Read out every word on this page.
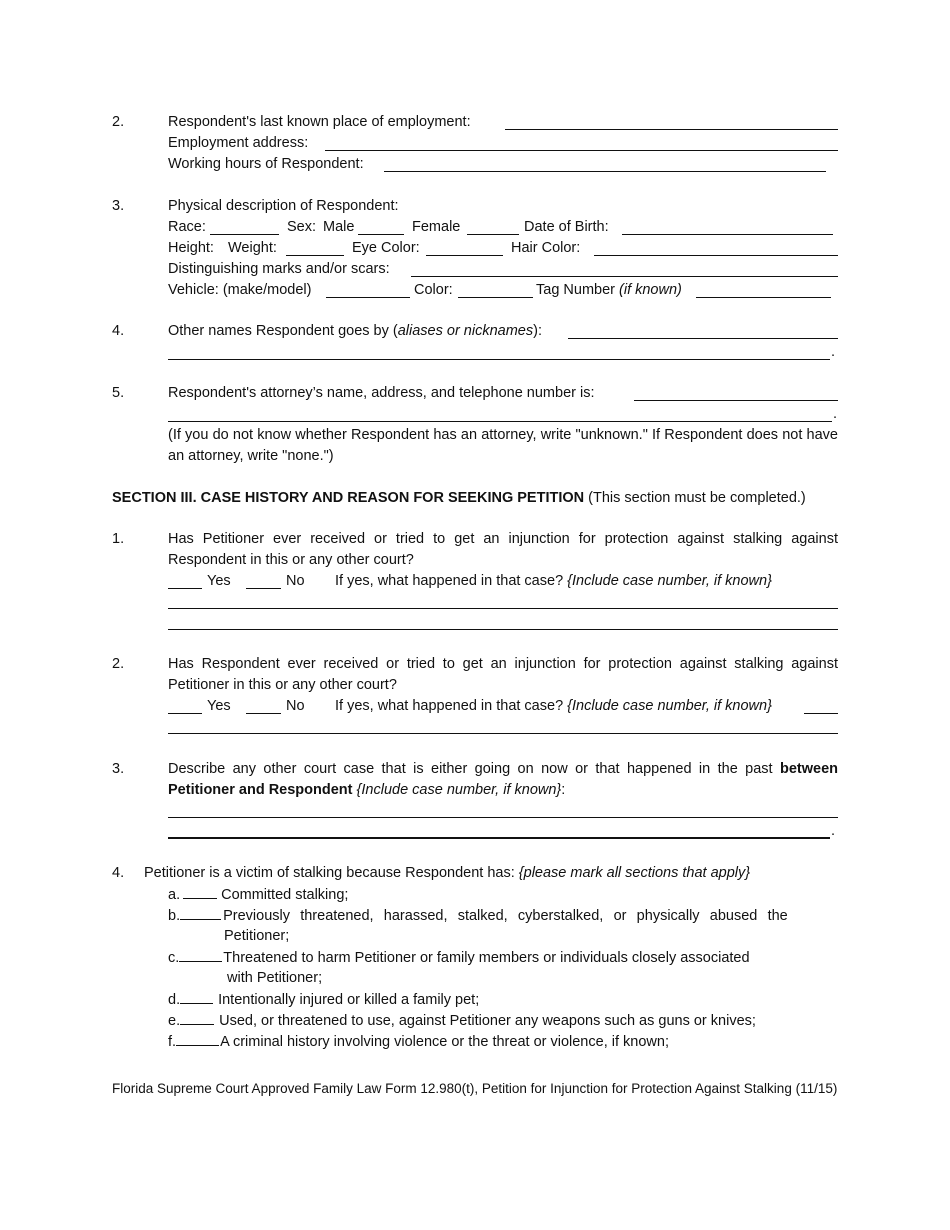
2.	Respondent's last known place of employment:
Employment address:
Working hours of Respondent:
3.	Physical description of Respondent:
Race:	Sex: Male	Female	Date of Birth:
Height: Weight:	Eye Color:	Hair Color:
Distinguishing marks and/or scars:
Vehicle: (make/model)	Color:	Tag Number (if known)
4.	Other names Respondent goes by (aliases or nicknames):
.
5.	Respondent's attorney’s name, address, and telephone number is:
.
(If you do not know whether Respondent has an attorney, write "unknown." If Respondent does not have an attorney, write "none.")
SECTION III. CASE HISTORY AND REASON FOR SEEKING PETITION (This section must be completed.)
1.	Has Petitioner ever received or tried to get an injunction for protection against stalking against Respondent in this or any other court?
Yes	No If yes, what happened in that case? {Include case number, if known}
2.	Has Respondent ever received or tried to get an injunction for protection against stalking against Petitioner in this or any other court?
Yes	No If yes, what happened in that case? {Include case number, if known}
3.	Describe any other court case that is either going on now or that happened in the past between Petitioner and Respondent {Include case number, if known}:
.
4. Petitioner is a victim of stalking because Respondent has: {please mark all sections that apply}
a.	Committed stalking;
b.	Previously threatened, harassed, stalked, cyberstalked, or physically abused the
Petitioner;
c.	Threatened to harm Petitioner or family members or individuals closely associated
with Petitioner;
d.	Intentionally injured or killed a family pet;
e.	Used, or threatened to use, against Petitioner any weapons such as guns or knives;
f.	A criminal history involving violence or the threat or violence, if known;
Florida Supreme Court Approved Family Law Form 12.980(t), Petition for Injunction for Protection Against Stalking (11/15)
